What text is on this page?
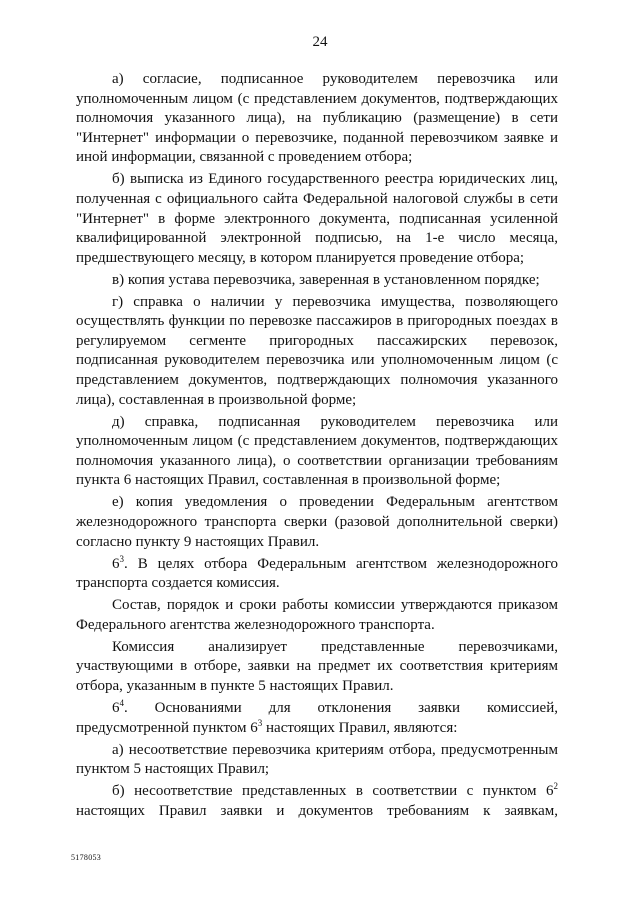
24

а) согласие, подписанное руководителем перевозчика или уполномоченным лицом (с представлением документов, подтверждающих полномочия указанного лица), на публикацию (размещение) в сети "Интернет" информации о перевозчике, поданной перевозчиком заявке и иной информации, связанной с проведением отбора;

б) выписка из Единого государственного реестра юридических лиц, полученная с официального сайта Федеральной налоговой службы в сети "Интернет" в форме электронного документа, подписанная усиленной квалифицированной электронной подписью, на 1-е число месяца, предшествующего месяцу, в котором планируется проведение отбора;

в) копия устава перевозчика, заверенная в установленном порядке;

г) справка о наличии у перевозчика имущества, позволяющего осуществлять функции по перевозке пассажиров в пригородных поездах в регулируемом сегменте пригородных пассажирских перевозок, подписанная руководителем перевозчика или уполномоченным лицом (с представлением документов, подтверждающих полномочия указанного лица), составленная в произвольной форме;

д) справка, подписанная руководителем перевозчика или уполномоченным лицом (с представлением документов, подтверждающих полномочия указанного лица), о соответствии организации требованиям пункта 6 настоящих Правил, составленная в произвольной форме;

е) копия уведомления о проведении Федеральным агентством железнодорожного транспорта сверки (разовой дополнительной сверки) согласно пункту 9 настоящих Правил.

$6^3$. В целях отбора Федеральным агентством железнодорожного транспорта создается комиссия.

Состав, порядок и сроки работы комиссии утверждаются приказом Федерального агентства железнодорожного транспорта.

Комиссия анализирует представленные перевозчиками, участвующими в отборе, заявки на предмет их соответствия критериям отбора, указанным в пункте 5 настоящих Правил.

$6^4$. Основаниями для отклонения заявки комиссией, предусмотренной пунктом $6^3$ настоящих Правил, являются:

а) несоответствие перевозчика критериям отбора, предусмотренным пунктом 5 настоящих Правил;

б) несоответствие представленных в соответствии с пунктом $6^2$ настоящих Правил заявки и документов требованиям к заявкам,

5178053
